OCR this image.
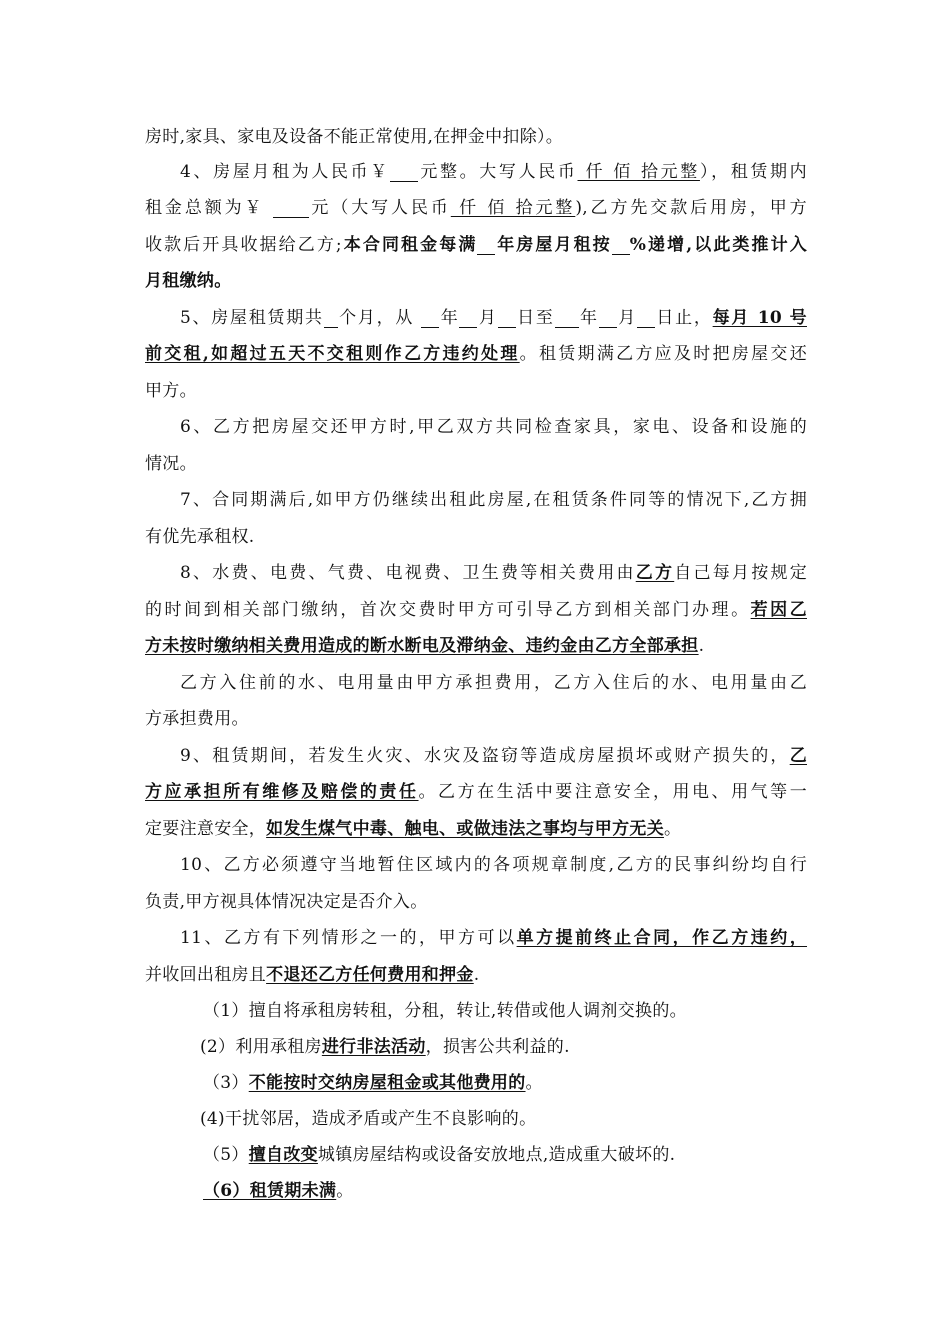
房时,家具、家电及设备不能正常使用,在押金中扣除）。
4、房屋月租为人民币￥ 元整。大写人民币 仟 佰 拾元整），租赁期内
租金总额为￥ 元（大写人民币 仟 佰 拾元整),乙方先交款后用房，甲方
收款后开具收据给乙方;本合同租金每满 年房屋月租按 %递增,以此类推计入
月租缴纳。
5、房屋租赁期共 个月，从 年 月 日至 年 月 日止，每月 10 号
前交租,如超过五天不交租则作乙方违约处理。租赁期满乙方应及时把房屋交还
甲方。
6、乙方把房屋交还甲方时,甲乙双方共同检查家具，家电、设备和设施的
情况。
7、合同期满后,如甲方仍继续出租此房屋,在租赁条件同等的情况下,乙方拥
有优先承租权.
8、水费、电费、气费、电视费、卫生费等相关费用由乙方自己每月按规定
的时间到相关部门缴纳，首次交费时甲方可引导乙方到相关部门办理。若因乙
方未按时缴纳相关费用造成的断水断电及滞纳金、违约金由乙方全部承担.
乙方入住前的水、电用量由甲方承担费用，乙方入住后的水、电用量由乙
方承担费用。
9、租赁期间，若发生火灾、水灾及盗窃等造成房屋损坏或财产损失的，乙
方应承担所有维修及赔偿的责任。乙方在生活中要注意安全，用电、用气等一
定要注意安全，如发生煤气中毒、触电、或做违法之事均与甲方无关。
10、乙方必须遵守当地暂住区域内的各项规章制度,乙方的民事纠纷均自行
负责,甲方视具体情况决定是否介入。
11、乙方有下列情形之一的，甲方可以单方提前终止合同，作乙方违约，
并收回出租房且不退还乙方任何费用和押金.
（1）擅自将承租房转租，分租，转让,转借或他人调剂交换的。
(2）利用承租房进行非法活动，损害公共利益的.
（3）不能按时交纳房屋租金或其他费用的。
(4)干扰邻居，造成矛盾或产生不良影响的。
（5）擅自改变城镇房屋结构或设备安放地点,造成重大破坏的.
（6）租赁期未满。
